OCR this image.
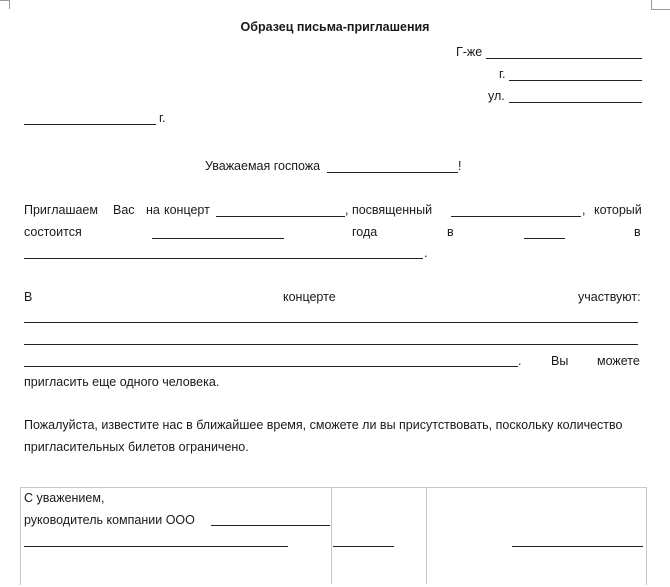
Образец письма-приглашения
Г-же
г.
ул.
г.
Уважаемая госпожа	!
Приглашаем Вас на концерт	, посвященный	, который
состоится	года	в	в
.
В	концерте	участвуют:
. Вы можете
пригласить еще одного человека.
Пожалуйста, известите нас в ближайшее время, сможете ли вы присутствовать, поскольку количество
пригласительных билетов ограничено.
С уважением,
руководитель компании ООО
